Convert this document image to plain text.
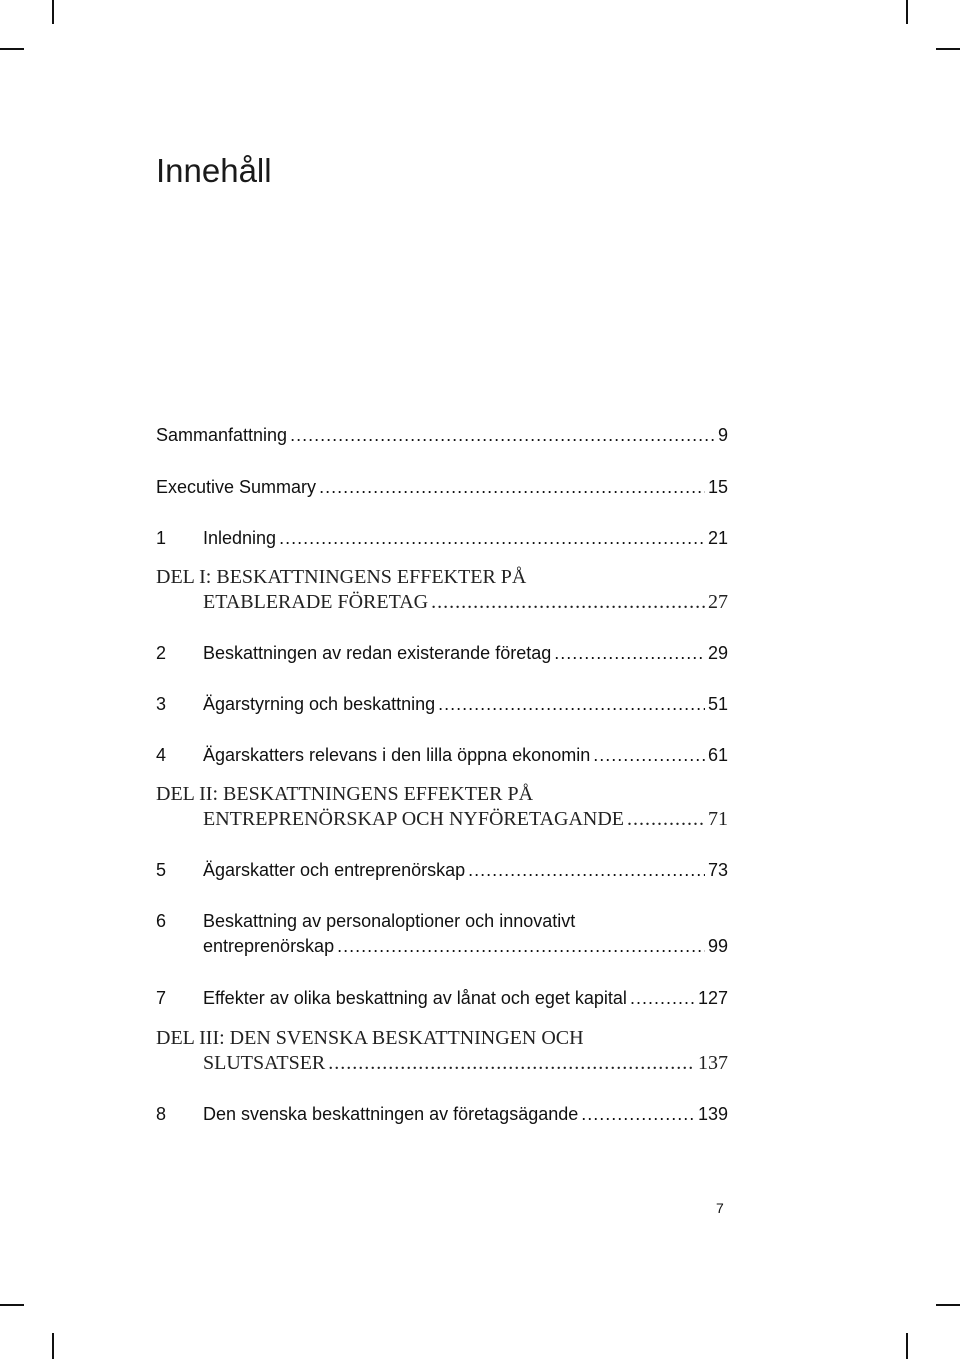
Innehåll
Sammanfattning .....	9
Executive Summary .....	15
1	Inledning .....	21
DEL I: BESKATTNINGENS EFFEKTER PÅ
ETABLERADE FÖRETAG .....	27
2	Beskattningen av redan existerande företag .....	29
3	Ägarstyrning och beskattning .....	51
4	Ägarskatters relevans i den lilla öppna ekonomin .....	61
DEL II: BESKATTNINGENS EFFEKTER PÅ
ENTREPRENÖRSKAP OCH NYFÖRETAGANDE .....	71
5	Ägarskatter och entreprenörskap .....	73
6	Beskattning av personaloptioner och innovativt
entreprenörskap .....	99
7	Effekter av olika beskattning av lånat och eget kapital .....	127
DEL III: DEN SVENSKA BESKATTNINGEN OCH
SLUTSATSER .....	137
8	Den svenska beskattningen av företagsägande .....	139
7
